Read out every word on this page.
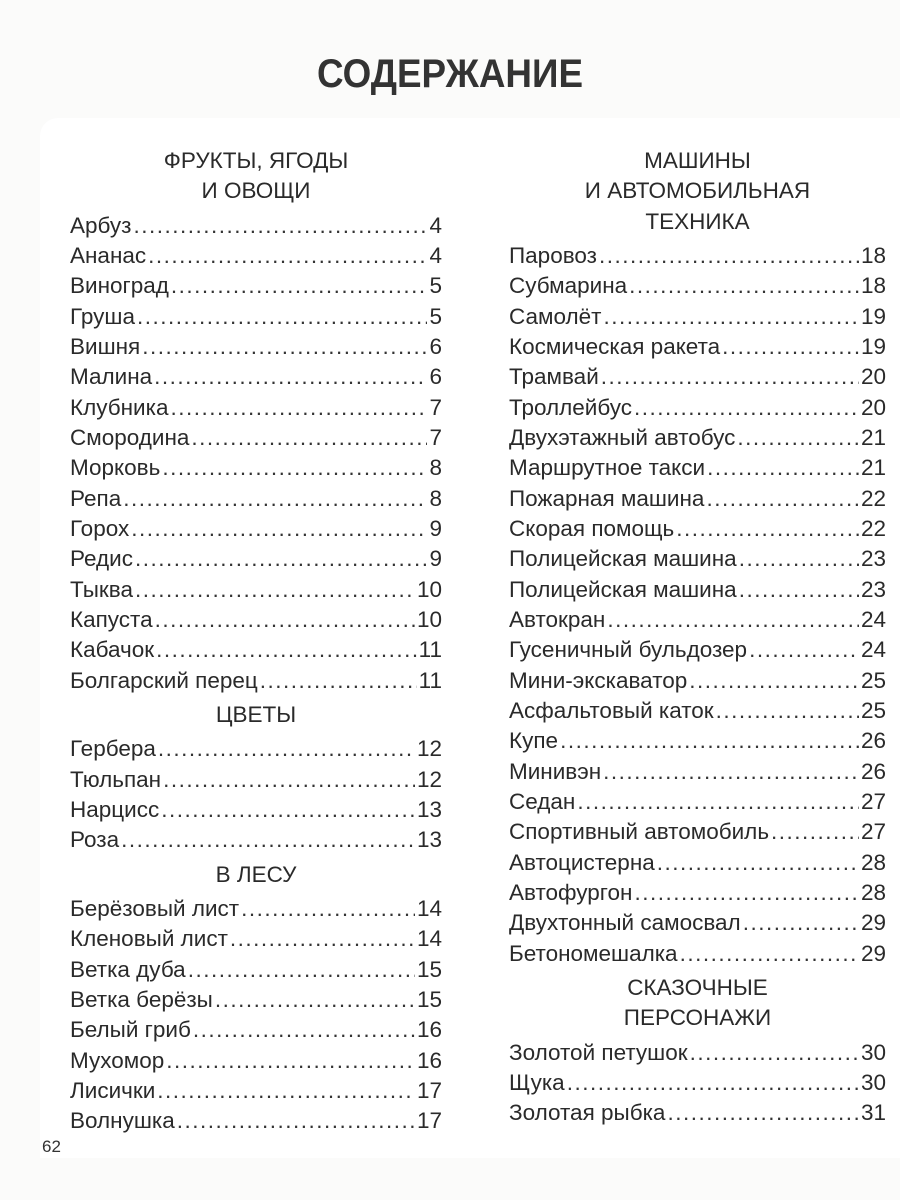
СОДЕРЖАНИЕ
ФРУКТЫ, ЯГОДЫ
И ОВОЩИ
Арбуз .....	4
Ананас .....	4
Виноград .....	5
Груша .....	5
Вишня .....	6
Малина .....	6
Клубника .....	7
Смородина .....	7
Морковь .....	8
Репа .....	8
Горох .....	9
Редис .....	9
Тыква .....	10
Капуста .....	10
Кабачок .....	11
Болгарский перец .....	11
ЦВЕТЫ
Гербера .....	12
Тюльпан .....	12
Нарцисс .....	13
Роза .....	13
В ЛЕСУ
Берёзовый лист .....	14
Кленовый лист .....	14
Ветка дуба .....	15
Ветка берёзы .....	15
Белый гриб .....	16
Мухомор .....	16
Лисички .....	17
Волнушка .....	17
МАШИНЫ
И АВТОМОБИЛЬНАЯ
ТЕХНИКА
Паровоз .....	18
Субмарина .....	18
Самолёт .....	19
Космическая ракета .....	19
Трамвай .....	20
Троллейбус .....	20
Двухэтажный автобус .....	21
Маршрутное такси .....	21
Пожарная машина .....	22
Скорая помощь .....	22
Полицейская машина .....	23
Полицейская машина .....	23
Автокран .....	24
Гусеничный бульдозер .....	24
Мини-экскаватор .....	25
Асфальтовый каток .....	25
Купе .....	26
Минивэн .....	26
Седан .....	27
Спортивный автомобиль .....	27
Автоцистерна .....	28
Автофургон .....	28
Двухтонный самосвал .....	29
Бетономешалка .....	29
СКАЗОЧНЫЕ
ПЕРСОНАЖИ
Золотой петушок .....	30
Щука .....	30
Золотая рыбка .....	31
62
